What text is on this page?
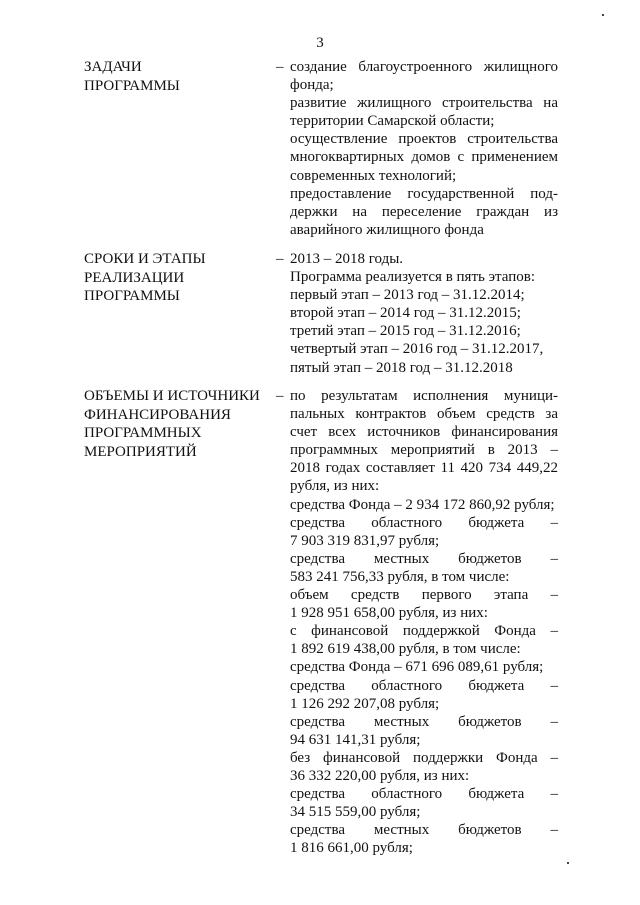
3
ЗАДАЧИ
ПРОГРАММЫ
– создание благоустроенного жилищного
фонда;
развитие жилищного строительства на
территории Самарской области;
осуществление проектов строительства
многоквартирных домов с применением
современных технологий;
предоставление государственной под-
держки на переселение граждан из
аварийного жилищного фонда
СРОКИ И ЭТАПЫ
РЕАЛИЗАЦИИ
ПРОГРАММЫ
– 2013 – 2018 годы.
Программа реализуется в пять этапов:
первый этап – 2013 год – 31.12.2014;
второй этап – 2014 год – 31.12.2015;
третий этап – 2015 год – 31.12.2016;
четвертый этап – 2016 год – 31.12.2017,
пятый этап – 2018 год – 31.12.2018
ОБЪЕМЫ И ИСТОЧНИКИ
ФИНАНСИРОВАНИЯ
ПРОГРАММНЫХ
МЕРОПРИЯТИЙ
– по результатам исполнения муници-
пальных контрактов объем средств за
счет всех источников финансирования
программных мероприятий в 2013 –
2018 годах составляет 11 420 734 449,22
рубля, из них:
средства Фонда – 2 934 172 860,92 рубля;
средства областного бюджета –
7 903 319 831,97 рубля;
средства местных бюджетов –
583 241 756,33 рубля, в том числе:
объем средств первого этапа –
1 928 951 658,00 рубля, из них:
с финансовой поддержкой Фонда –
1 892 619 438,00 рубля, в том числе:
средства Фонда – 671 696 089,61 рубля;
средства областного бюджета –
1 126 292 207,08 рубля;
средства местных бюджетов –
94 631 141,31 рубля;
без финансовой поддержки Фонда –
36 332 220,00 рубля, из них:
средства областного бюджета –
34 515 559,00 рубля;
средства местных бюджетов –
1 816 661,00 рубля;
